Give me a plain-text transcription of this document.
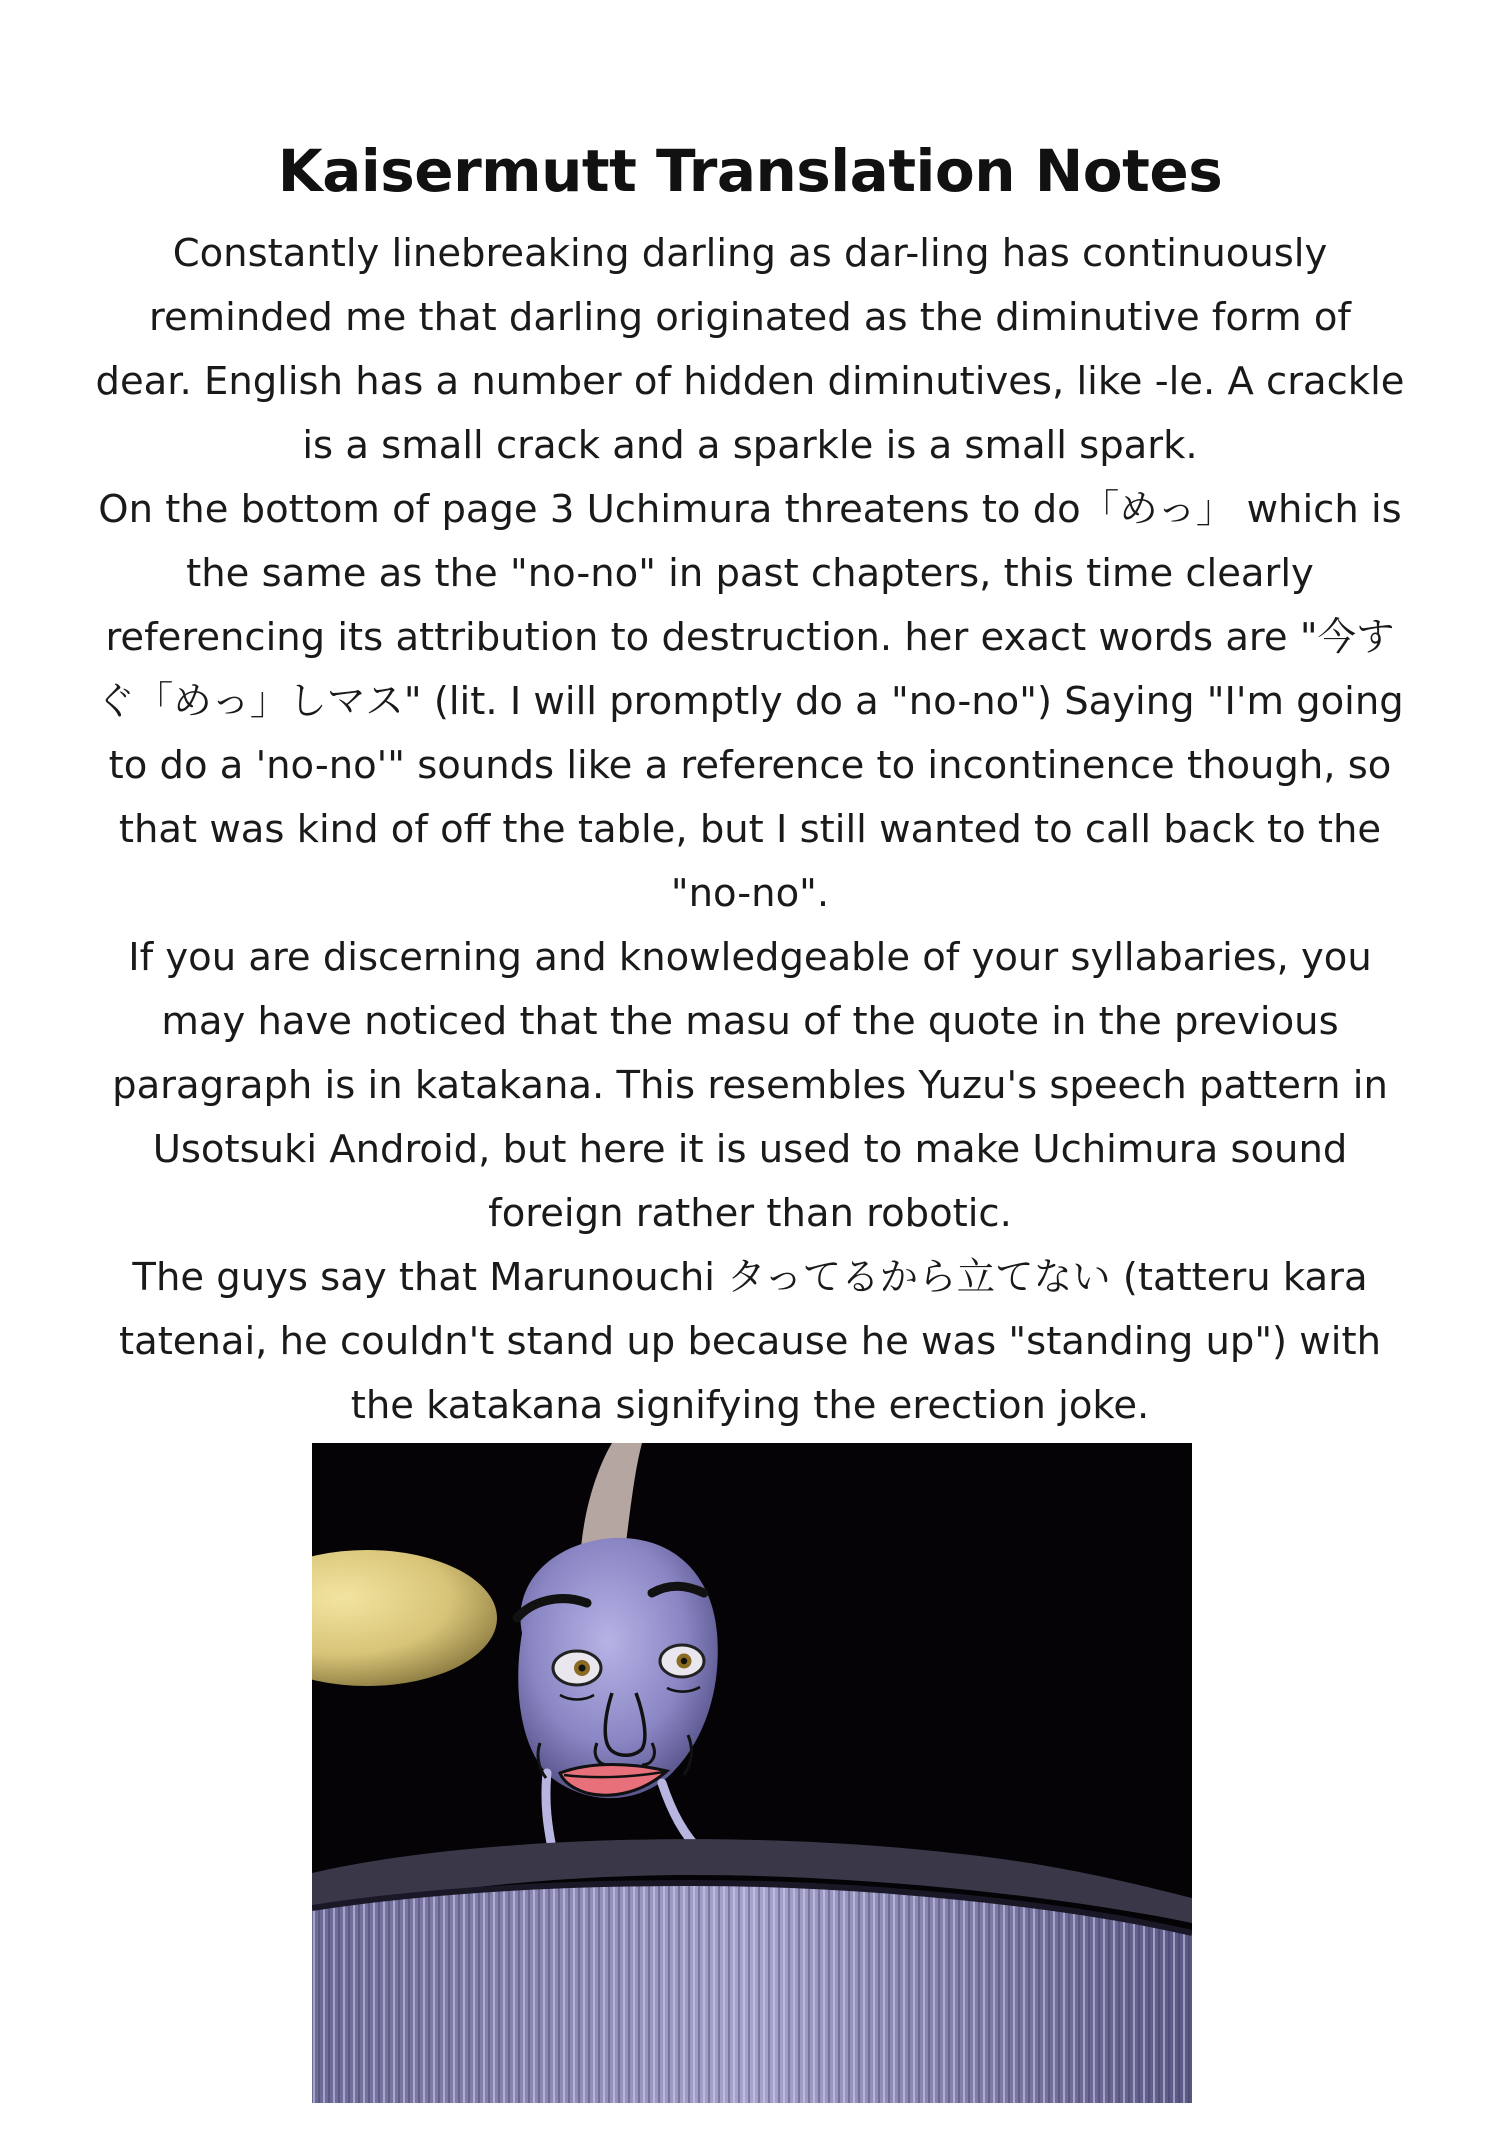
Kaisermutt Translation Notes

Constantly linebreaking darling as dar-ling has continuously reminded me that darling originated as the diminutive form of dear. English has a number of hidden diminutives, like -le. A crackle is a small crack and a sparkle is a small spark.

On the bottom of page 3 Uchimura threatens to do「めっ」 which is the same as the "no-no" in past chapters, this time clearly referencing its attribution to destruction. her exact words are "今すぐ「めっ」しマス" (lit. I will promptly do a "no-no") Saying "I'm going to do a 'no-no'" sounds like a reference to incontinence though, so that was kind of off the table, but I still wanted to call back to the "no-no".

If you are discerning and knowledgeable of your syllabaries, you may have noticed that the masu of the quote in the previous paragraph is in katakana. This resembles Yuzu's speech pattern in Usotsuki Android, but here it is used to make Uchimura sound foreign rather than robotic.

The guys say that Marunouchi タってるから立てない (tatteru kara tatenai, he couldn't stand up because he was "standing up") with the katakana signifying the erection joke.
